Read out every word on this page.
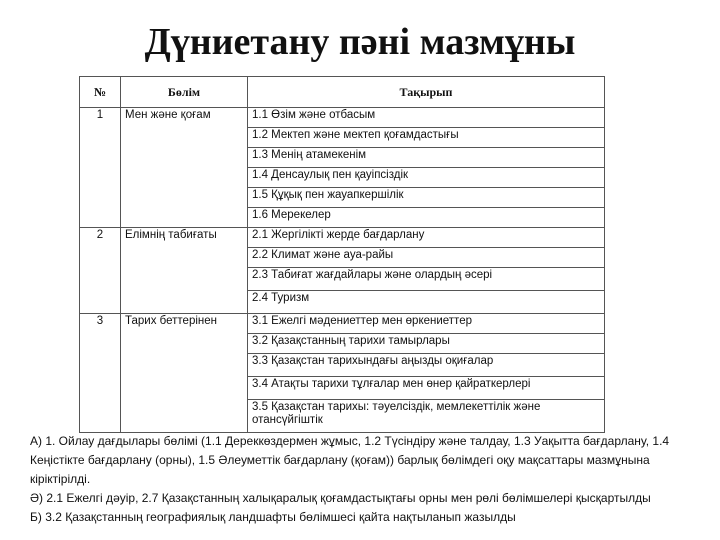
Дүниетану пәні мазмұны
№	Бөлім	Тақырып
1	Мен және қоғам	1.1 Өзім және отбасым
		1.2 Мектеп және мектеп қоғамдастығы
		1.3 Менің атамекенім
		1.4 Денсаулық пен қауіпсіздік
		1.5 Құқық пен жауапкершілік
		1.6 Мерекелер
2	Елімнің табиғаты	2.1 Жергілікті жерде бағдарлану
		2.2 Климат және ауа-райы
		2.3 Табиғат жағдайлары және олардың әсері
		2.4 Туризм
3	Тарих беттерінен	3.1 Ежелгі мәдениеттер мен өркениеттер
		3.2 Қазақстанның тарихи тамырлары
		3.3 Қазақстан тарихындағы аңызды оқиғалар
		3.4 Атақты тарихи тұлғалар мен өнер қайраткерлері
		3.5 Қазақстан тарихы: тәуелсіздік, мемлекеттілік және отансүйгіштік

А) 1. Ойлау дағдылары бөлімі (1.1 Дереккөздермен жұмыс, 1.2 Түсіндіру және талдау, 1.3 Уақытта бағдарлану, 1.4 Кеңістікте бағдарлану (орны), 1.5 Әлеуметтік бағдарлану (қоғам)) барлық бөлімдегі оқу мақсаттары мазмұнына кіріктірілді.

Ә) 2.1 Ежелгі дәуір, 2.7 Қазақстанның халықаралық қоғамдастықтағы орны мен рөлі бөлімшелері қысқартылды

Б) 3.2 Қазақстанның географиялық ландшафты бөлімшесі қайта нақтыланып жазылды
